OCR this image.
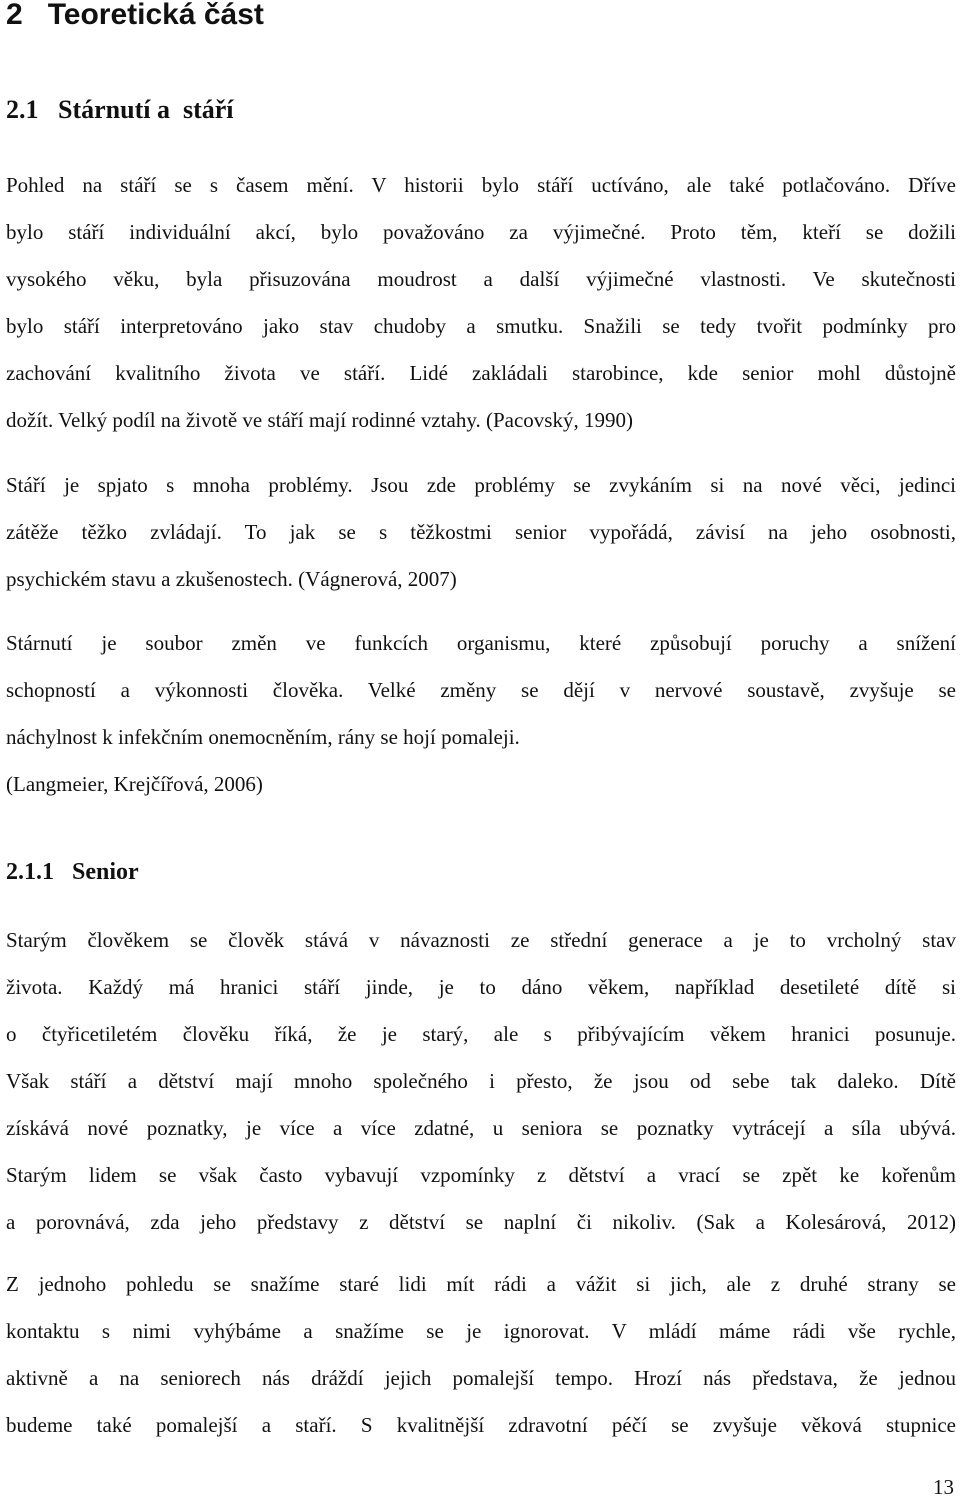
2   Teoretická část
2.1   Stárnutí a  stáří
Pohled na stáří se s časem mění. V historii bylo stáří uctíváno, ale také potlačováno. Dříve
bylo stáří individuální akcí, bylo považováno za výjimečné. Proto těm, kteří se dožili
vysokého věku, byla přisuzována moudrost a další výjimečné vlastnosti. Ve skutečnosti
bylo stáří interpretováno jako stav chudoby a smutku. Snažili se tedy tvořit podmínky pro
zachování kvalitního života ve stáří. Lidé zakládali starobince, kde senior mohl důstojně
dožít. Velký podíl na životě ve stáří mají rodinné vztahy. (Pacovský, 1990)
Stáří je spjato s mnoha problémy. Jsou zde problémy se zvykáním si na nové věci, jedinci
zátěže těžko zvládají. To jak se s těžkostmi senior vypořádá, závisí na jeho osobnosti,
psychickém stavu a zkušenostech. (Vágnerová, 2007)
Stárnutí je soubor změn ve funkcích organismu, které způsobují poruchy a snížení
schopností a výkonnosti člověka. Velké změny se dějí v nervové soustavě, zvyšuje se
náchylnost k infekčním onemocněním, rány se hojí pomaleji.
(Langmeier, Krejčířová, 2006)
2.1.1   Senior
Starým člověkem se člověk stává v návaznosti ze střední generace a je to vrcholný stav
života. Každý má hranici stáří jinde, je to dáno věkem, například desetileté dítě si
o čtyřicetiletém člověku říká, že je starý, ale s přibývajícím věkem hranici posunuje.
Však stáří a dětství mají mnoho společného i přesto, že jsou od sebe tak daleko. Dítě
získává nové poznatky, je více a více zdatné, u seniora se poznatky vytrácejí a síla ubývá.
Starým lidem se však často vybavují vzpomínky z dětství a vrací se zpět ke kořenům
a porovnává, zda jeho představy z dětství se naplní či nikoliv. (Sak a Kolesárová, 2012)
Z jednoho pohledu se snažíme staré lidi mít rádi a vážit si jich, ale z druhé strany se
kontaktu s nimi vyhýbáme a snažíme se je ignorovat. V mládí máme rádi vše rychle,
aktivně a na seniorech nás dráždí jejich pomalejší tempo. Hrozí nás představa, že jednou
budeme také pomalejší a staří. S kvalitnější zdravotní péčí se zvyšuje věková stupnice
13
